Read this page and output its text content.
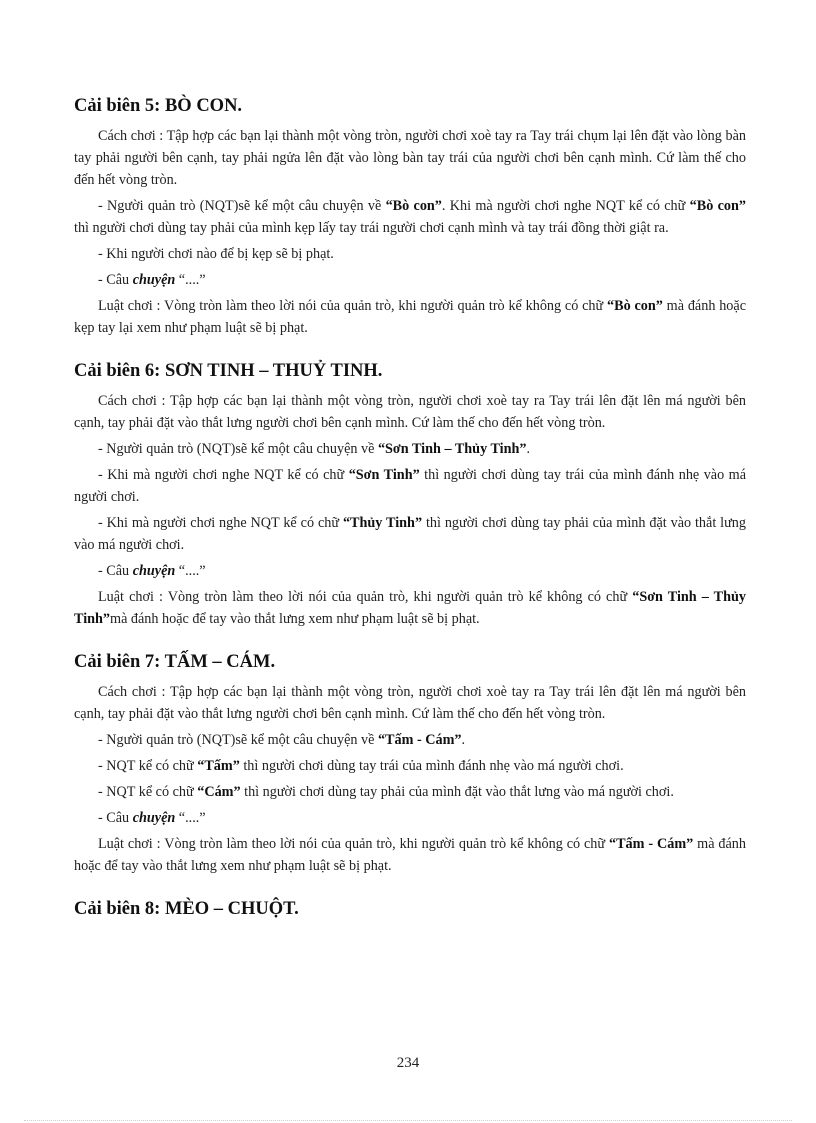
Cải biên 5: BÒ CON.

Cách chơi : Tập hợp các bạn lại thành một vòng tròn, người chơi xoè tay ra Tay trái chụm lại lên đặt vào lòng bàn tay phải người bên cạnh, tay phải ngửa lên đặt vào lòng bàn tay trái của người chơi bên cạnh mình. Cứ làm thế cho đến hết vòng tròn.

- Người quản trò (NQT)sẽ kể một câu chuyện về “Bò con”. Khi mà người chơi nghe NQT kể có chữ “Bò con” thì người chơi dùng tay phải của mình kẹp lấy tay trái người chơi cạnh mình và tay trái đồng thời giật ra.

- Khi người chơi nào để bị kẹp sẽ bị phạt.

- Câu chuyện “....”

Luật chơi : Vòng tròn làm theo lời nói của quản trò, khi người quản trò kể không có chữ “Bò con” mà đánh hoặc kẹp tay lại xem như phạm luật sẽ bị phạt.

Cải biên 6: SƠN TINH – THUỶ TINH.

Cách chơi : Tập hợp các bạn lại thành một vòng tròn, người chơi xoè tay ra Tay trái lên đặt lên má người bên cạnh, tay phải đặt vào thắt lưng người chơi bên cạnh mình. Cứ làm thế cho đến hết vòng tròn.

- Người quản trò (NQT)sẽ kể một câu chuyện về “Sơn Tinh – Thủy Tinh”.

- Khi mà người chơi nghe NQT kể có chữ “Sơn Tinh” thì người chơi dùng tay trái của mình đánh nhẹ vào má người chơi.

- Khi mà người chơi nghe NQT kể có chữ “Thủy Tinh” thì người chơi dùng tay phải của mình đặt vào thắt lưng vào má người chơi.

- Câu chuyện “....”

Luật chơi : Vòng tròn làm theo lời nói của quản trò, khi người quản trò kể không có chữ “Sơn Tinh – Thủy Tinh”mà đánh hoặc để tay vào thắt lưng xem như phạm luật sẽ bị phạt.

Cải biên 7: TẤM – CÁM.

Cách chơi : Tập hợp các bạn lại thành một vòng tròn, người chơi xoè tay ra Tay trái lên đặt lên má người bên cạnh, tay phải đặt vào thắt lưng người chơi bên cạnh mình. Cứ làm thế cho đến hết vòng tròn.

- Người quản trò (NQT)sẽ kể một câu chuyện về “Tấm - Cám”.

- NQT kể có chữ “Tấm” thì người chơi dùng tay trái của mình đánh nhẹ vào má người chơi.

- NQT kể có chữ “Cám” thì người chơi dùng tay phải của mình đặt vào thắt lưng vào má người chơi.

- Câu chuyện “....”

Luật chơi : Vòng tròn làm theo lời nói của quản trò, khi người quản trò kể không có chữ “Tấm - Cám” mà đánh hoặc để tay vào thắt lưng xem như phạm luật sẽ bị phạt.

Cải biên 8: MÈO – CHUỘT.
234
